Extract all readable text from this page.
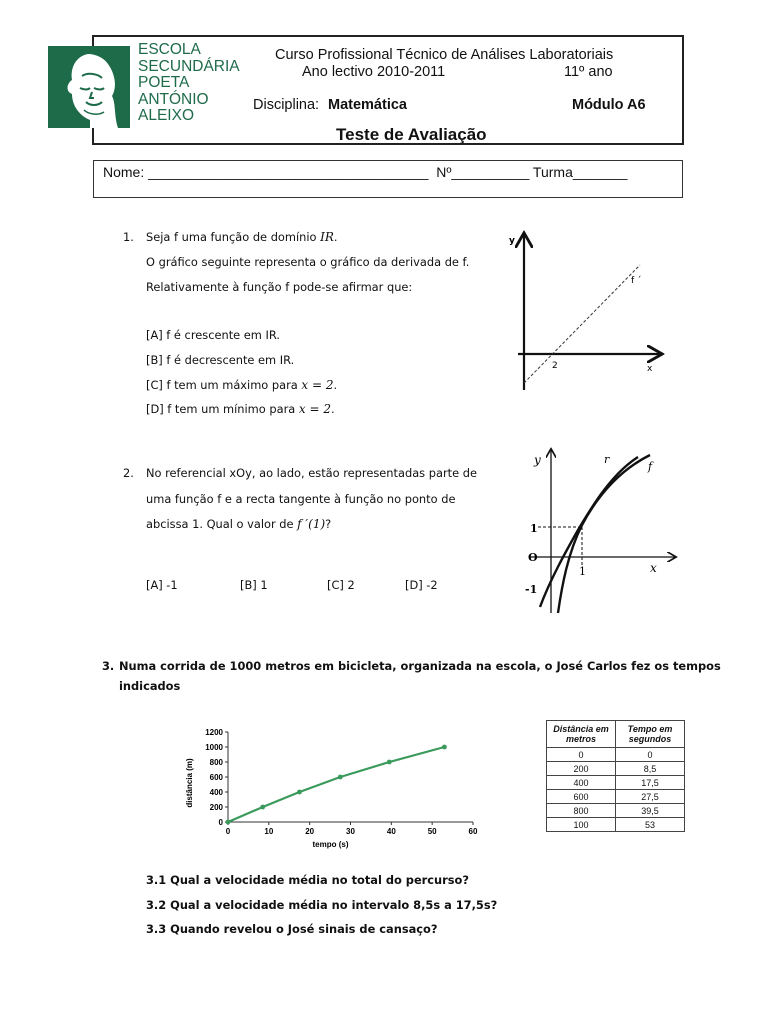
ESCOLA
SECUNDÁRIA
POETA
ANTÓNIO
ALEIXO
Curso Profissional Técnico de Análises Laboratoriais
Ano lectivo 2010-2011	11º ano
Disciplina: Matemática	Módulo A6
Teste de Avaliação
Nome: ____________________________________  Nº__________ Turma_______
1. Seja f uma função de domínio IR.
O gráfico seguinte representa o gráfico da derivada de f.
Relativamente à função f pode-se afirmar que:
[A] f é crescente em IR.
[B] f é decrescente em IR.
[C] f tem um máximo para x = 2.
[D] f tem um mínimo para x = 2.
y
x
2
f ´
2. No referencial xOy, ao lado, estão representadas parte de
uma função f e a recta tangente à função no ponto de
abcissa 1. Qual o valor de f ′(1)?
[A] -1	[B] 1	[C] 2	[D] -2
y
x
r
f
1
O
-1
1
3. Numa corrida de 1000 metros em bicicleta, organizada na escola, o José Carlos fez os tempos
indicados
0
200
400
600
800
1000
1200
0	10	20	30	40	50	60
tempo (s)
distância (m)
Distância em metros	Tempo em segundos
0	0
200	8,5
400	17,5
600	27,5
800	39,5
100	53
3.1 Qual a velocidade média no total do percurso?
3.2 Qual a velocidade média no intervalo 8,5s a 17,5s?
3.3 Quando revelou o José sinais de cansaço?
